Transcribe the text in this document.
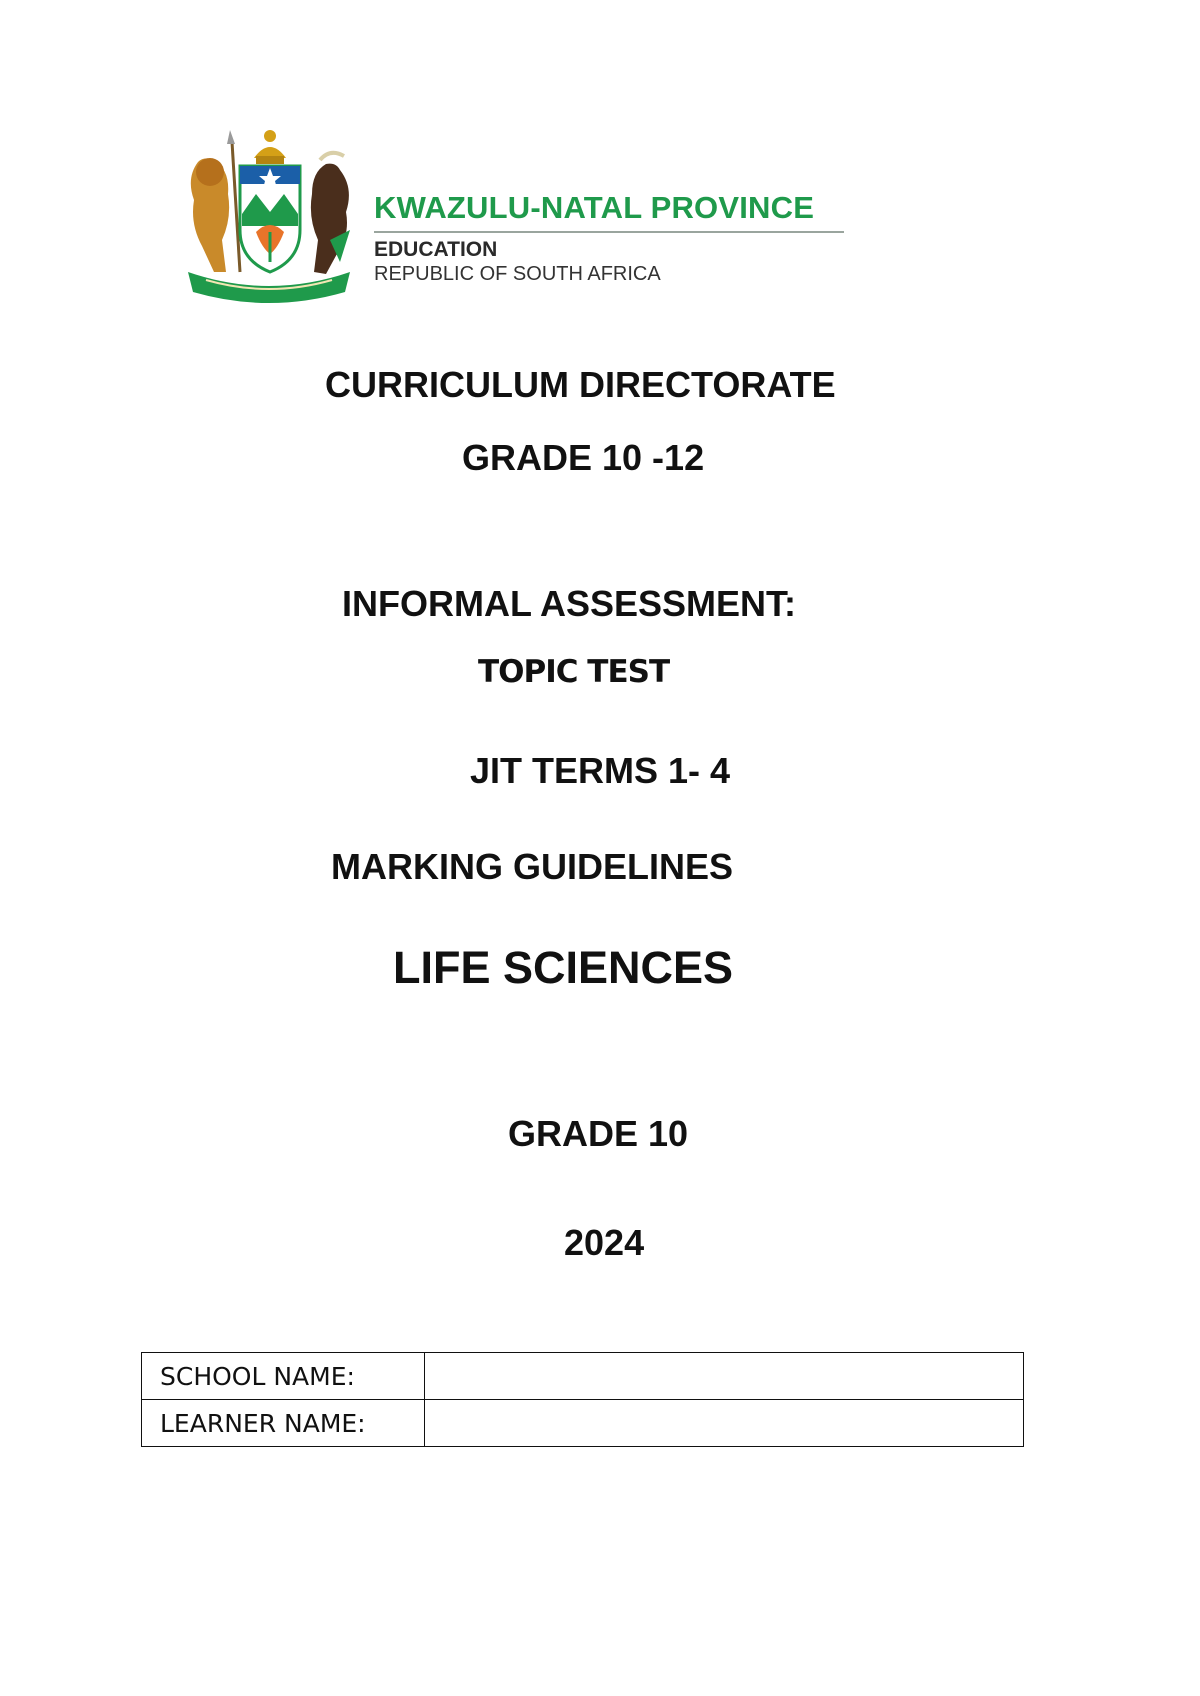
KWAZULU-NATAL PROVINCE
EDUCATION
REPUBLIC OF SOUTH AFRICA
CURRICULUM DIRECTORATE
GRADE 10 -12
INFORMAL ASSESSMENT:
TOPIC TEST
JIT TERMS 1- 4
MARKING GUIDELINES
LIFE SCIENCES
GRADE 10
2024
SCHOOL NAME:	
LEARNER NAME:	
